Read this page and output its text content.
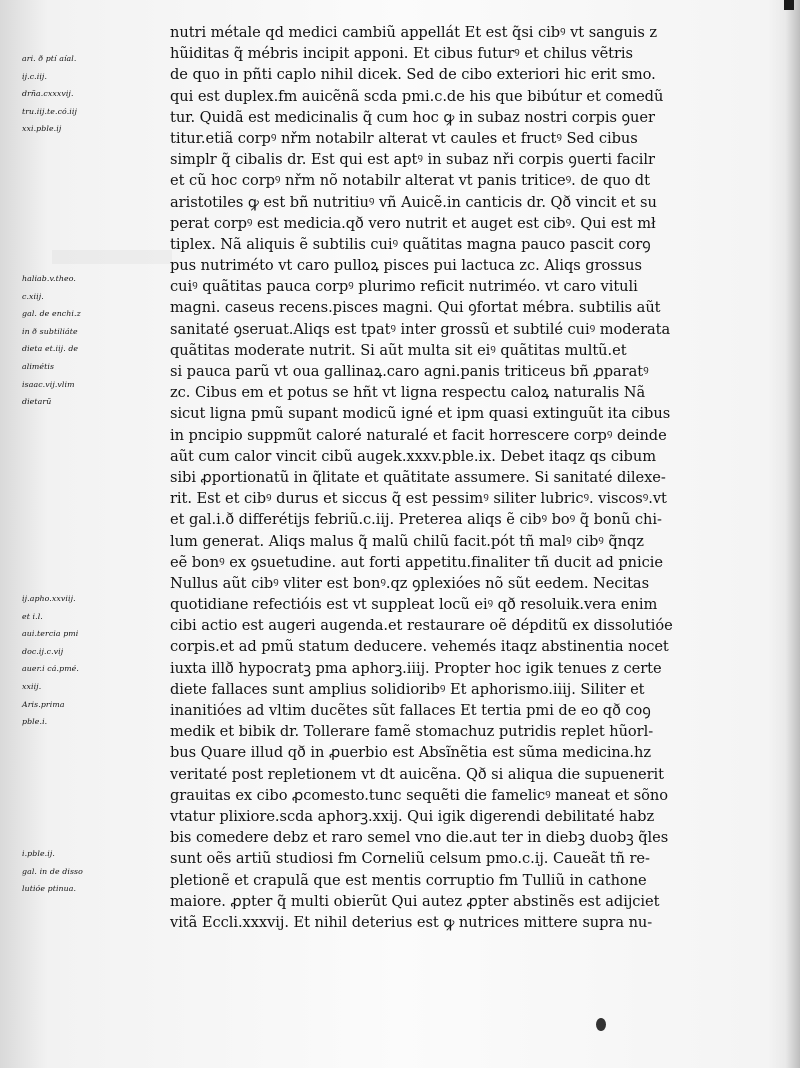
ari. ð ptí aíal.
ij.c.iij.
drña.cxxxvij.
tru.iij.te.có.iij
xxi.pble.ij
haliab.v.theo.
c.xiij.
gal. de enchi.z
in ð subtiliáte
dieta et.iij. de
alimétis
isaac.vij.vlim
dietarũ
ij.apho.xxviij.
et i.l.
aui.tercia pmi
doc.ij.c.vij
auer.i cá.pmé.
xxiij.
Aris.prima
pble.i.
i.pble.ij.
gal. in de disso
lutióe ptinua.
nutri métale qd medici cambiũ appellát Et est q̃si cibꝰ vt sanguis z
hũiditas q̃ mébris incipit apponi. Et cibus futurꝰ et chilus vẽtris
de quo in pñti caplo nihil dicek. Sed de cibo exteriori hic erit smo.
qui est duplex.fm auicẽnã scda pmi.c.de his que bibútur et comedũ
tur. Quidã est medicinalis q̃ cum hoc ꝙ in subaz nostri corpis ꝯuer
titur.etiã corpꝰ nřm notabilr alterat vt caules et fructꝰ Sed cibus
simplr q̃ cibalis dr. Est qui est aptꝰ in subaz nři corpis ꝯuerti facilr
et cũ hoc corpꝰ nřm nõ notabilr alterat vt panis triticeꝰ. de quo dt
aristotiles ꝙ est bñ nutritiuꝰ vñ Auicẽ.in canticis dr. Qð vincit et su
perat corpꝰ est medicia.qð vero nutrit et auget est cibꝰ. Qui est mł
tiplex. Nã aliquis ẽ subtilis cuiꝰ quãtitas magna pauco pascit corꝯ
pus nutriméto vt caro pulloꝝ pisces pui lactuca zc. Aliqs grossus
cuiꝰ quãtitas pauca corpꝰ plurimo reficit nutriméo. vt caro vituli
magni. caseus recens.pisces magni. Qui ꝯfortat mébra. subtilis aũt
sanitaté ꝯseruat.Aliqs est tpatꝰ inter grossũ et subtilé cuiꝰ moderata
quãtitas moderate nutrit. Si aũt multa sit eiꝰ quãtitas multũ.et
si pauca parũ vt oua gallinaꝝ.caro agni.panis triticeus bñ ꝓparatꝰ
zc. Cibus em et potus se hñt vt ligna respectu caloꝝ naturalis Nã
sicut ligna pmũ supant modicũ igné et ipm quasi extinguũt ita cibus
in pncipio suppmũt caloré naturalé et facit horrescere corpꝰ deinde
aũt cum calor vincit cibũ augek.xxxv.pble.ix. Debet itaqz qs cibum
sibi ꝓportionatũ in q̃litate et quãtitate assumere. Si sanitaté dilexe-
rit. Est et cibꝰ durus et siccus q̃ est pessimꝰ siliter lubricꝰ. viscosꝰ.vt
et gal.i.ð differétijs febriũ.c.iij. Preterea aliqs ẽ cibꝰ boꝰ q̃ bonũ chi-
lum generat. Aliqs malus q̃ malũ chilũ facit.pót tñ malꝰ cibꝰ q̃nqz
eẽ bonꝰ ex ꝯsuetudine. aut forti appetitu.finaliter tñ ducit ad pnicie
Nullus aũt cibꝰ vliter est bonꝰ.qz ꝯplexióes nõ sũt eedem. Necitas
quotidiane refectióis est vt suppleat locũ eiꝰ qð resoluik.vera enim
cibi actio est augeri augenda.et restaurare oẽ dépditũ ex dissolutióe
corpis.et ad pmũ statum deducere. vehemés itaqz abstinentia nocet
iuxta illð hypocratꝫ pma aphorꝫ.iiij. Propter hoc igik tenues z certe
diete fallaces sunt amplius solidioribꝰ Et aphorismo.iiij. Siliter et
inanitióes ad vltim ducẽtes sũt fallaces Et tertia pmi de eo qð coꝯ
medik et bibik dr. Tollerare famẽ stomachuz putridis replet hũorl-
bus Quare illud qð in ꝓuerbio est Absĩnẽtia est sũma medicina.hz
veritaté post repletionem vt dt auicẽna. Qð si aliqua die supuenerit
grauitas ex cibo ꝓcomesto.tunc sequẽti die famelicꝰ maneat et sõno
vtatur plixiore.scda aphorꝫ.xxij. Qui igik digerendi debilitaté habz
bis comedere debz et raro semel vno die.aut ter in diebꝫ duobꝫ q̃les
sunt oẽs artiũ studiosi fm Corneliũ celsum pmo.c.ij. Caueãt tñ re-
pletionẽ et crapulã que est mentis corruptio fm Tulliũ in cathone
maiore. ꝓpter q̃ multi obierũt Qui autez ꝓpter abstinẽs est adijciet
vitã Eccli.xxxvij. Et nihil deterius est ꝙ nutrices mittere supra nu-
